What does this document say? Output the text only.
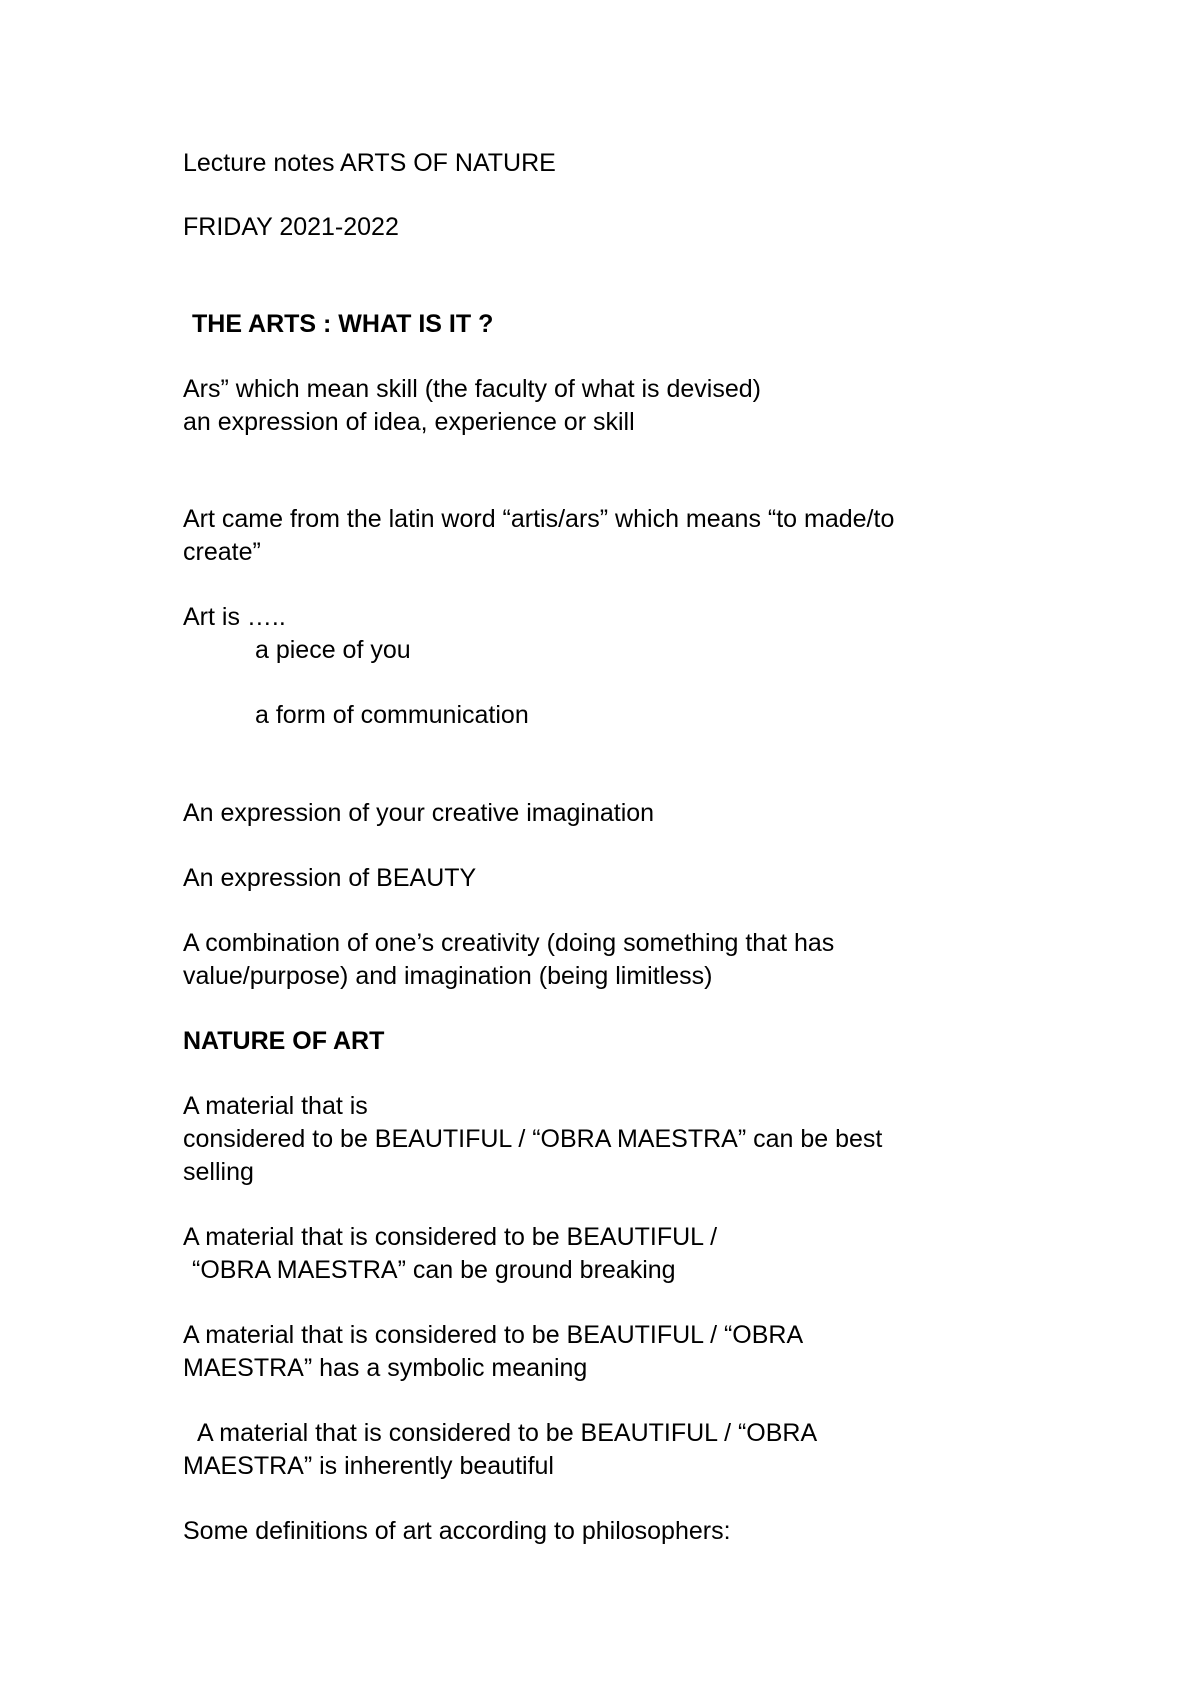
Lecture notes ARTS OF NATURE
FRIDAY 2021-2022
THE ARTS : WHAT IS IT ?
Ars” which mean skill (the faculty of what is devised)
an expression of idea, experience or skill
Art came from the latin word “artis/ars” which means “to made/to
create”
Art is …..
a piece of you
a form of communication
An expression of your creative imagination
An expression of BEAUTY
A combination of one’s creativity (doing something that has
value/purpose) and imagination (being limitless)
NATURE OF ART
A material that is
considered to be BEAUTIFUL / “OBRA MAESTRA” can be best
selling
A material that is considered to be BEAUTIFUL /
“OBRA MAESTRA” can be ground breaking
A material that is considered to be BEAUTIFUL / “OBRA
MAESTRA” has a symbolic meaning
A material that is considered to be BEAUTIFUL / “OBRA
MAESTRA” is inherently beautiful
Some definitions of art according to philosophers:
